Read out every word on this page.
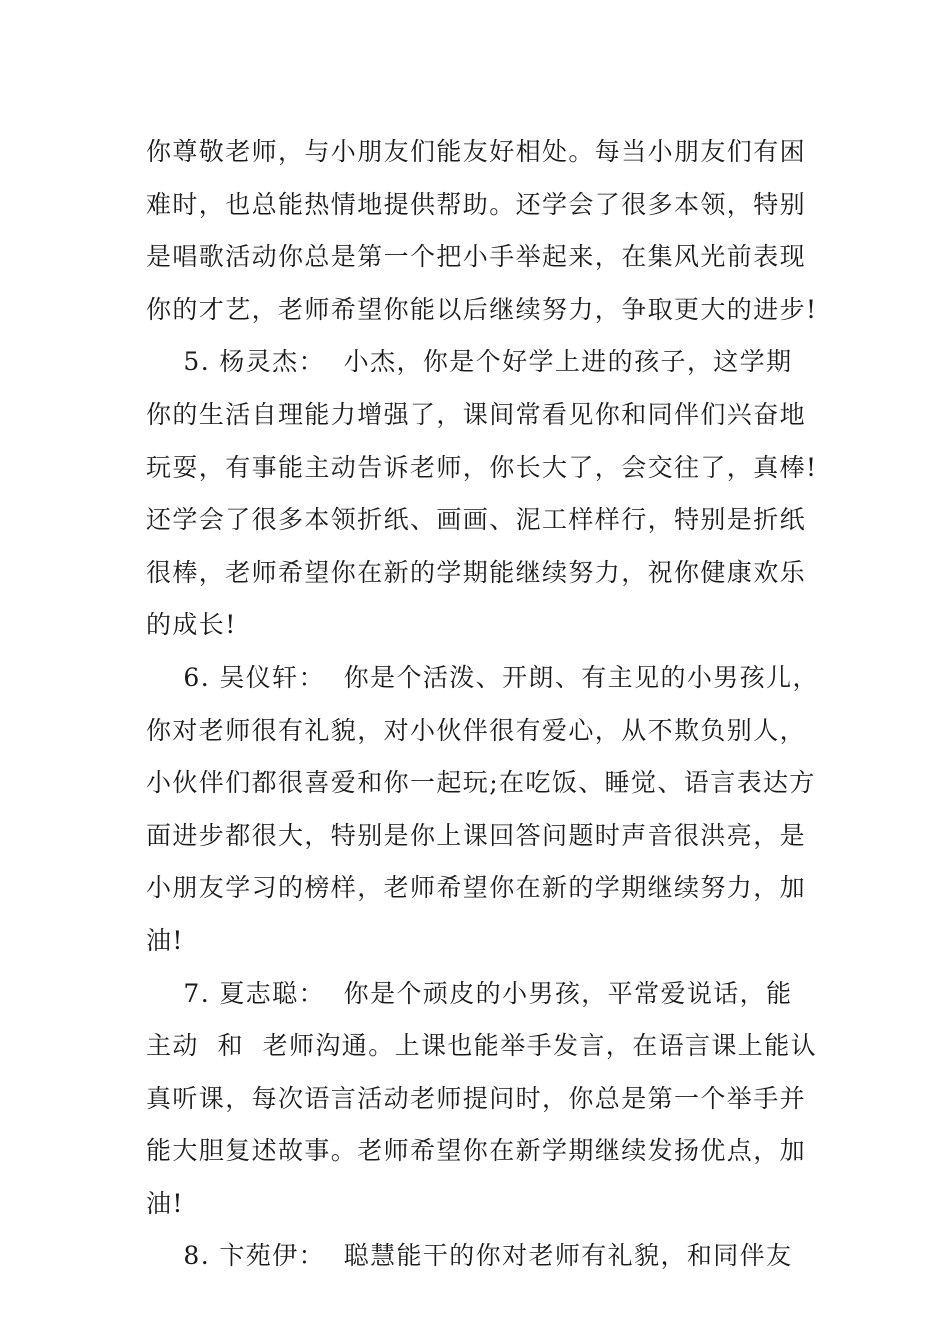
你尊敬老师，与小朋友们能友好相处。每当小朋友们有困
难时，也总能热情地提供帮助。还学会了很多本领，特别
是唱歌活动你总是第一个把小手举起来，在集风光前表现
你的才艺，老师希望你能以后继续努力，争取更大的进步!
5. 杨灵杰：  小杰，你是个好学上进的孩子，这学期
你的生活自理能力增强了，课间常看见你和同伴们兴奋地
玩耍，有事能主动告诉老师，你长大了，会交往了，真棒!
还学会了很多本领折纸、画画、泥工样样行，特别是折纸
很棒，老师希望你在新的学期能继续努力，祝你健康欢乐
的成长!
6. 吴仪轩：  你是个活泼、开朗、有主见的小男孩儿，
你对老师很有礼貌，对小伙伴很有爱心，从不欺负别人，
小伙伴们都很喜爱和你一起玩;在吃饭、睡觉、语言表达方
面进步都很大，特别是你上课回答问题时声音很洪亮，是
小朋友学习的榜样，老师希望你在新的学期继续努力，加
油!
7. 夏志聪：  你是个顽皮的小男孩，平常爱说话，能
主动  和  老师沟通。上课也能举手发言，在语言课上能认
真听课，每次语言活动老师提问时，你总是第一个举手并
能大胆复述故事。老师希望你在新学期继续发扬优点，加
油!
8. 卞苑伊：  聪慧能干的你对老师有礼貌，和同伴友
